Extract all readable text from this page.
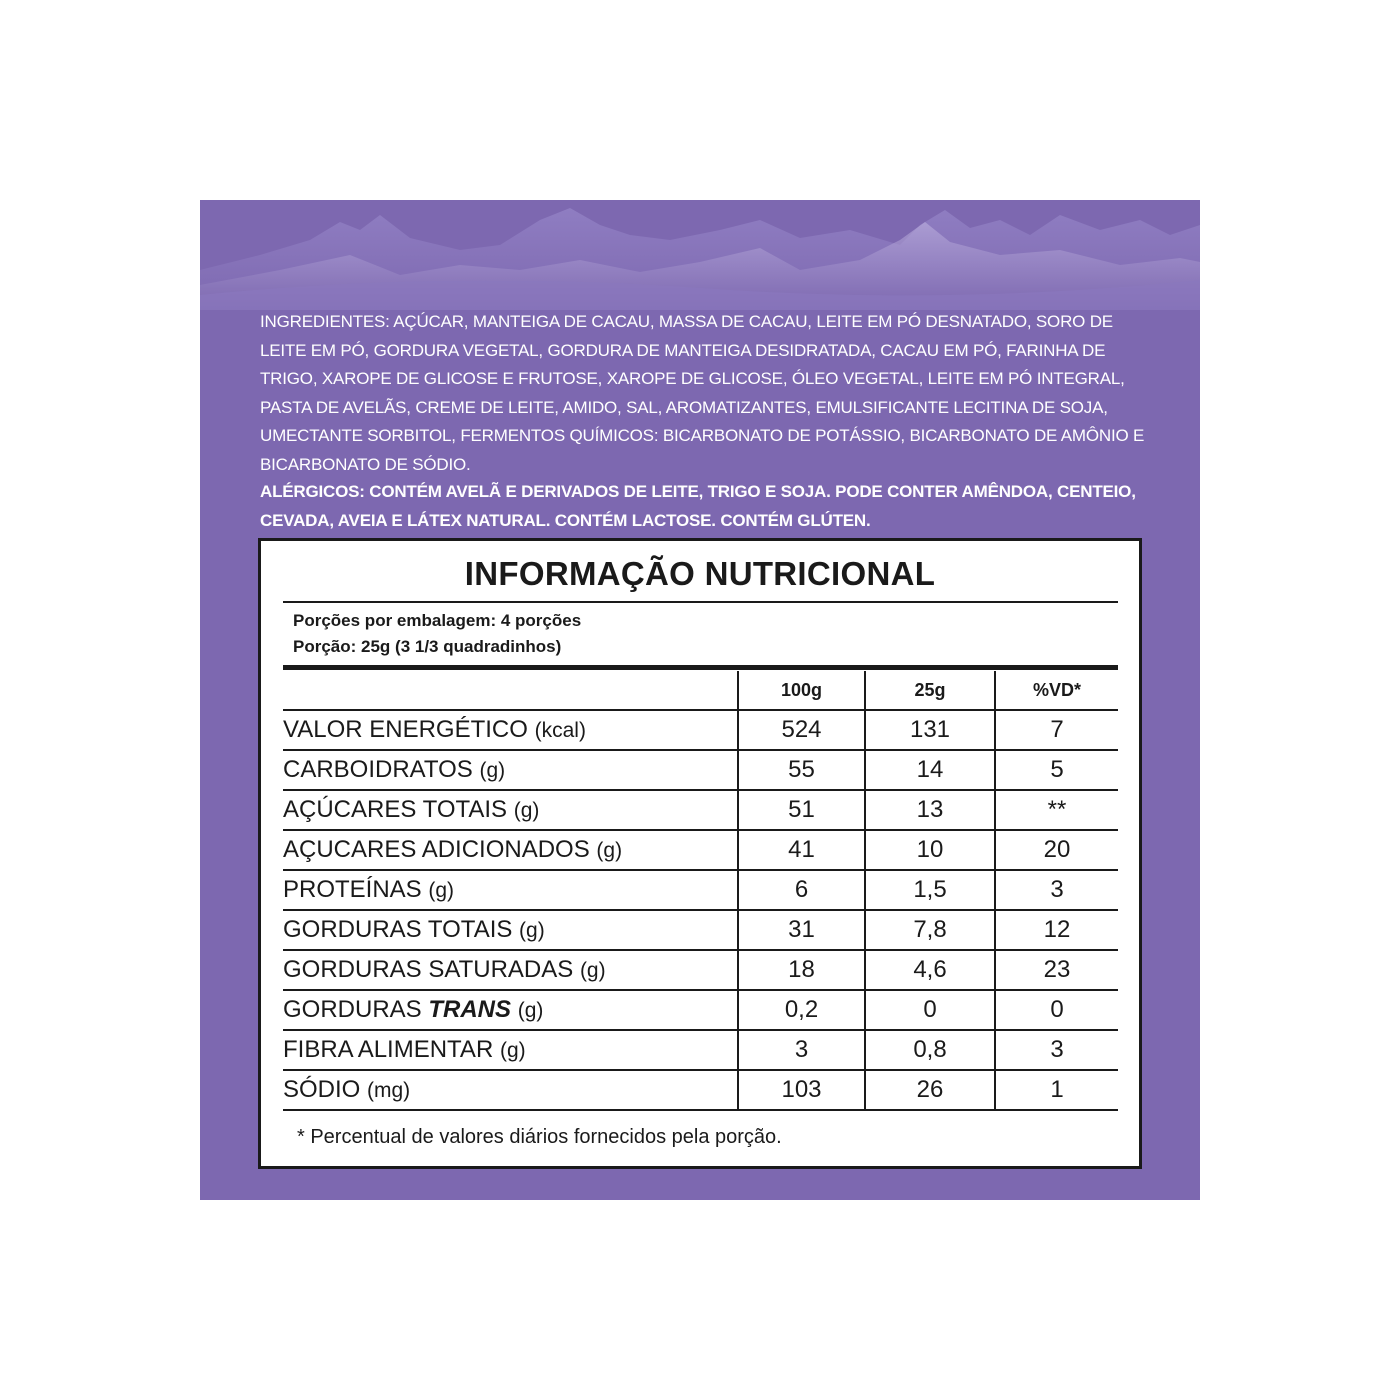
INGREDIENTES: AÇÚCAR, MANTEIGA DE CACAU, MASSA DE CACAU, LEITE EM PÓ DESNATADO, SORO DE LEITE EM PÓ, GORDURA VEGETAL, GORDURA DE MANTEIGA DESIDRATADA, CACAU EM PÓ, FARINHA DE TRIGO, XAROPE DE GLICOSE E FRUTOSE, XAROPE DE GLICOSE, ÓLEO VEGETAL, LEITE EM PÓ INTEGRAL, PASTA DE AVELÃS, CREME DE LEITE, AMIDO, SAL, AROMATIZANTES, EMULSIFICANTE LECITINA DE SOJA, UMECTANTE SORBITOL, FERMENTOS QUÍMICOS: BICARBONATO DE POTÁSSIO, BICARBONATO DE AMÔNIO E BICARBONATO DE SÓDIO.
ALÉRGICOS: CONTÉM AVELÃ E DERIVADOS DE LEITE, TRIGO E SOJA. PODE CONTER AMÊNDOA, CENTEIO, CEVADA, AVEIA E LÁTEX NATURAL. CONTÉM LACTOSE. CONTÉM GLÚTEN.
INFORMAÇÃO NUTRICIONAL
Porções por embalagem: 4 porções
Porção: 25g (3 1/3 quadradinhos)
	100g	25g	%VD*
VALOR ENERGÉTICO (kcal)	524	131	7
CARBOIDRATOS (g)	55	14	5
AÇÚCARES TOTAIS (g)	51	13	**
AÇUCARES ADICIONADOS (g)	41	10	20
PROTEÍNAS (g)	6	1,5	3
GORDURAS TOTAIS (g)	31	7,8	12
GORDURAS SATURADAS (g)	18	4,6	23
GORDURAS TRANS (g)	0,2	0	0
FIBRA ALIMENTAR (g)	3	0,8	3
SÓDIO (mg)	103	26	1
* Percentual de valores diários fornecidos pela porção.
